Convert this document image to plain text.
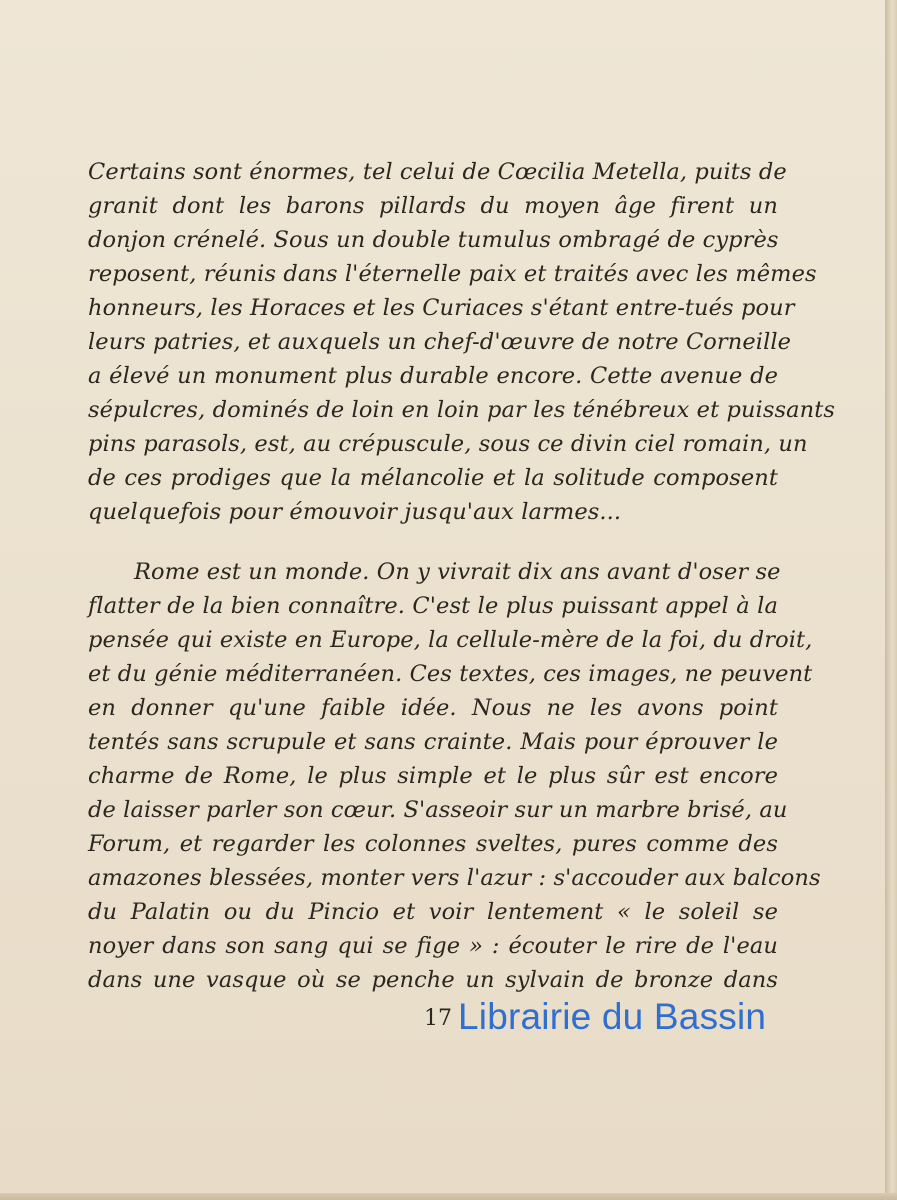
Certains sont énormes, tel celui de Cœcilia Metella, puits de
granit dont les barons pillards du moyen âge firent un
donjon crénelé. Sous un double tumulus ombragé de cyprès
reposent, réunis dans l'éternelle paix et traités avec les mêmes
honneurs, les Horaces et les Curiaces s'étant entre-tués pour
leurs patries, et auxquels un chef-d'œuvre de notre Corneille
a élevé un monument plus durable encore. Cette avenue de
sépulcres, dominés de loin en loin par les ténébreux et puissants
pins parasols, est, au crépuscule, sous ce divin ciel romain, un
de ces prodiges que la mélancolie et la solitude composent
quelquefois pour émouvoir jusqu'aux larmes...
Rome est un monde. On y vivrait dix ans avant d'oser se
flatter de la bien connaître. C'est le plus puissant appel à la
pensée qui existe en Europe, la cellule-mère de la foi, du droit,
et du génie méditerranéen. Ces textes, ces images, ne peuvent
en donner qu'une faible idée. Nous ne les avons point
tentés sans scrupule et sans crainte. Mais pour éprouver le
charme de Rome, le plus simple et le plus sûr est encore
de laisser parler son cœur. S'asseoir sur un marbre brisé, au
Forum, et regarder les colonnes sveltes, pures comme des
amazones blessées, monter vers l'azur : s'accouder aux balcons
du Palatin ou du Pincio et voir lentement « le soleil se
noyer dans son sang qui se fige » : écouter le rire de l'eau
dans une vasque où se penche un sylvain de bronze dans
17 Librairie du Bassin
